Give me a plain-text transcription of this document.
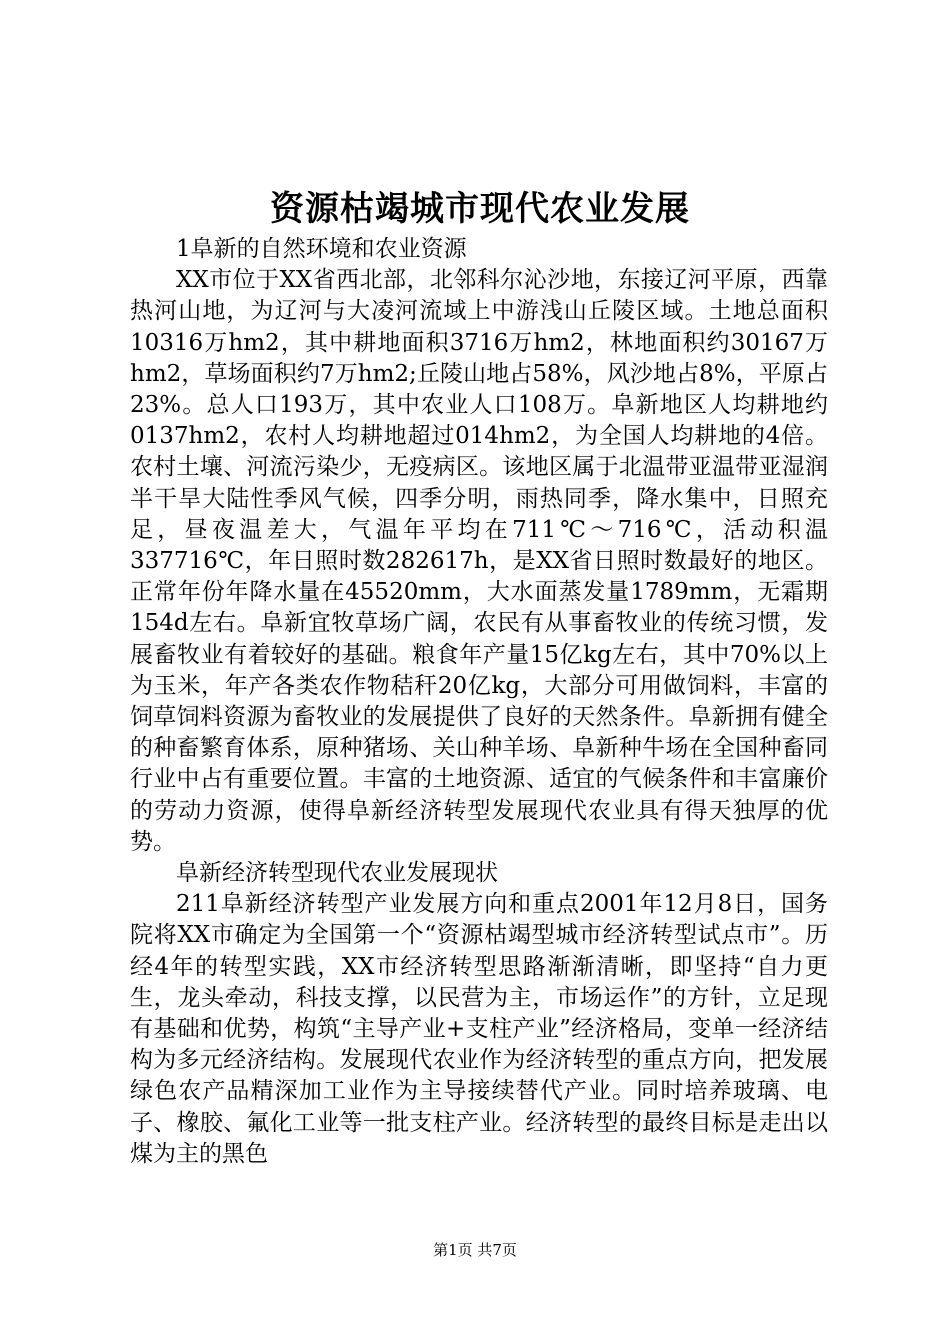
资源枯竭城市现代农业发展

1阜新的自然环境和农业资源

XX市位于XX省西北部，北邻科尔沁沙地，东接辽河平原，西靠热河山地，为辽河与大凌河流域上中游浅山丘陵区域。土地总面积10316万hm2，其中耕地面积3716万hm2，林地面积约30167万hm2，草场面积约7万hm2;丘陵山地占58%，风沙地占8%，平原占23%。总人口193万，其中农业人口108万。阜新地区人均耕地约0137hm2，农村人均耕地超过014hm2，为全国人均耕地的4倍。农村土壤、河流污染少，无疫病区。该地区属于北温带亚温带亚湿润半干旱大陆性季风气候，四季分明，雨热同季，降水集中，日照充足，昼夜温差大，气温年平均在711℃～716℃，活动积温337716℃，年日照时数282617h，是XX省日照时数最好的地区。正常年份年降水量在45520mm，大水面蒸发量1789mm，无霜期154d左右。阜新宜牧草场广阔，农民有从事畜牧业的传统习惯，发展畜牧业有着较好的基础。粮食年产量15亿kg左右，其中70%以上为玉米，年产各类农作物秸秆20亿kg，大部分可用做饲料，丰富的饲草饲料资源为畜牧业的发展提供了良好的天然条件。阜新拥有健全的种畜繁育体系，原种猪场、关山种羊场、阜新种牛场在全国种畜同行业中占有重要位置。丰富的土地资源、适宜的气候条件和丰富廉价的劳动力资源，使得阜新经济转型发展现代农业具有得天独厚的优势。

阜新经济转型现代农业发展现状

211阜新经济转型产业发展方向和重点2001年12月8日，国务院将XX市确定为全国第一个“资源枯竭型城市经济转型试点市”。历经4年的转型实践，XX市经济转型思路渐渐清晰，即坚持“自力更生，龙头牵动，科技支撑，以民营为主，市场运作”的方针，立足现有基础和优势，构筑“主导产业+支柱产业”经济格局，变单一经济结构为多元经济结构。发展现代农业作为经济转型的重点方向，把发展绿色农产品精深加工业作为主导接续替代产业。同时培养玻璃、电子、橡胶、氟化工业等一批支柱产业。经济转型的最终目标是走出以煤为主的黑色

第1页 共7页
